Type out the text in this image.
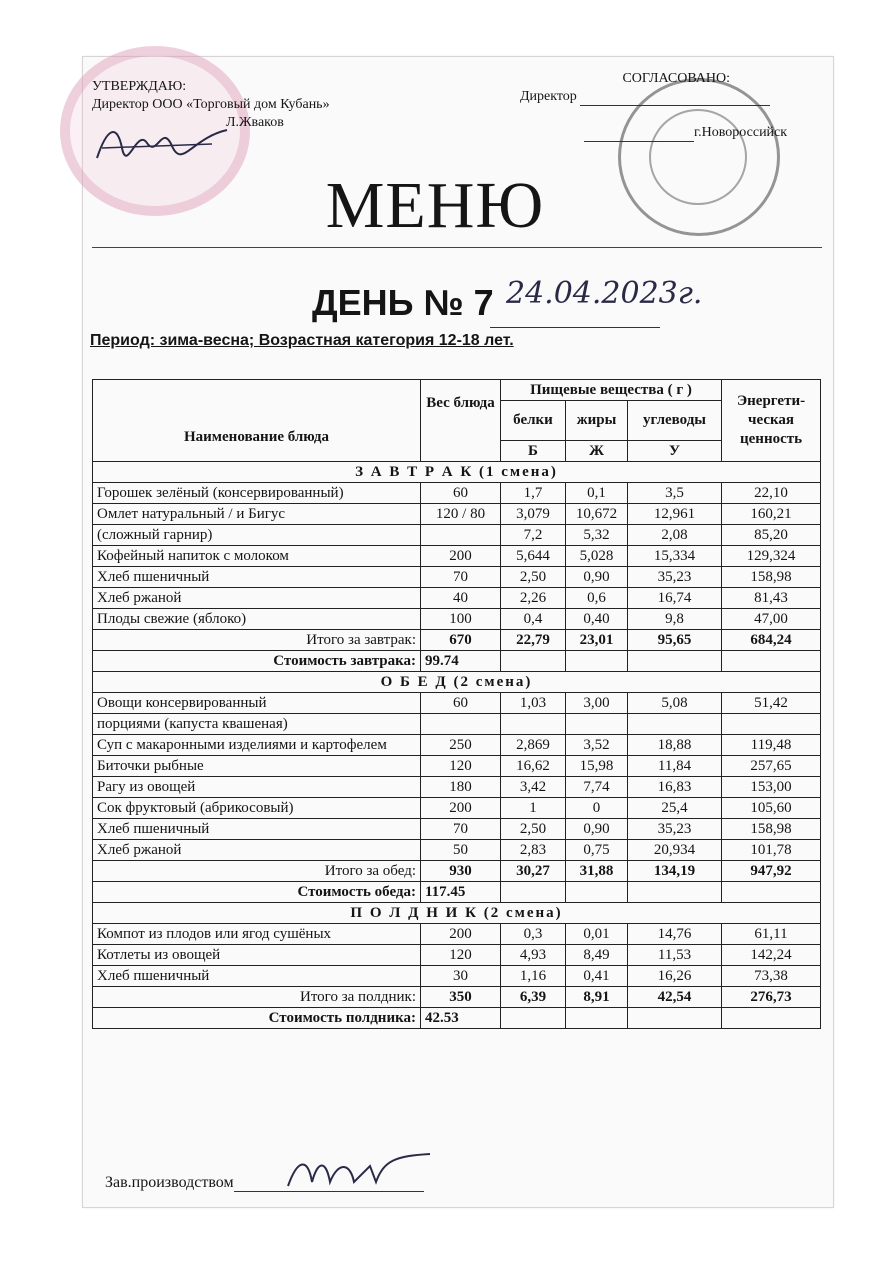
УТВЕРЖДАЮ:
Директор ООО «Торговый дом Кубань»
Л.Жваков
СОГЛАСОВАНО:
Директор
г.Новороссийск
МЕНЮ
ДЕНЬ № 7 24.04.2023г.
Период: зима-весна; Возрастная категория 12-18 лет.
Наименование блюда	Вес блюда	Пищевые вещества ( г )			Энергети-ческая ценность
		белки	жиры	углеводы	
		Б	Ж	У	
З А В Т Р А К (1 смена)					
Горошек зелёный (консервированный)	60	1,7	0,1	3,5	22,10
Омлет натуральный / и Бигус	120 / 80	3,079	10,672	12,961	160,21
(сложный гарнир)		7,2	5,32	2,08	85,20
Кофейный напиток с молоком	200	5,644	5,028	15,334	129,324
Хлеб пшеничный	70	2,50	0,90	35,23	158,98
Хлеб ржаной	40	2,26	0,6	16,74	81,43
Плоды свежие (яблоко)	100	0,4	0,40	9,8	47,00
Итого за завтрак:	670	22,79	23,01	95,65	684,24
Стоимость завтрака:	99.74				
О Б Е Д (2 смена)					
Овощи консервированный	60	1,03	3,00	5,08	51,42
порциями (капуста квашеная)					
Суп с макаронными изделиями и картофелем	250	2,869	3,52	18,88	119,48
Биточки рыбные	120	16,62	15,98	11,84	257,65
Рагу из овощей	180	3,42	7,74	16,83	153,00
Сок фруктовый (абрикосовый)	200	1	0	25,4	105,60
Хлеб пшеничный	70	2,50	0,90	35,23	158,98
Хлеб ржаной	50	2,83	0,75	20,934	101,78
Итого за обед:	930	30,27	31,88	134,19	947,92
Стоимость обеда:	117.45				
П О Л Д Н И К (2 смена)					
Компот из плодов или ягод сушёных	200	0,3	0,01	14,76	61,11
Котлеты из овощей	120	4,93	8,49	11,53	142,24
Хлеб пшеничный	30	1,16	0,41	16,26	73,38
Итого за полдник:	350	6,39	8,91	42,54	276,73
Стоимость полдника:	42.53				
Зав.производством
